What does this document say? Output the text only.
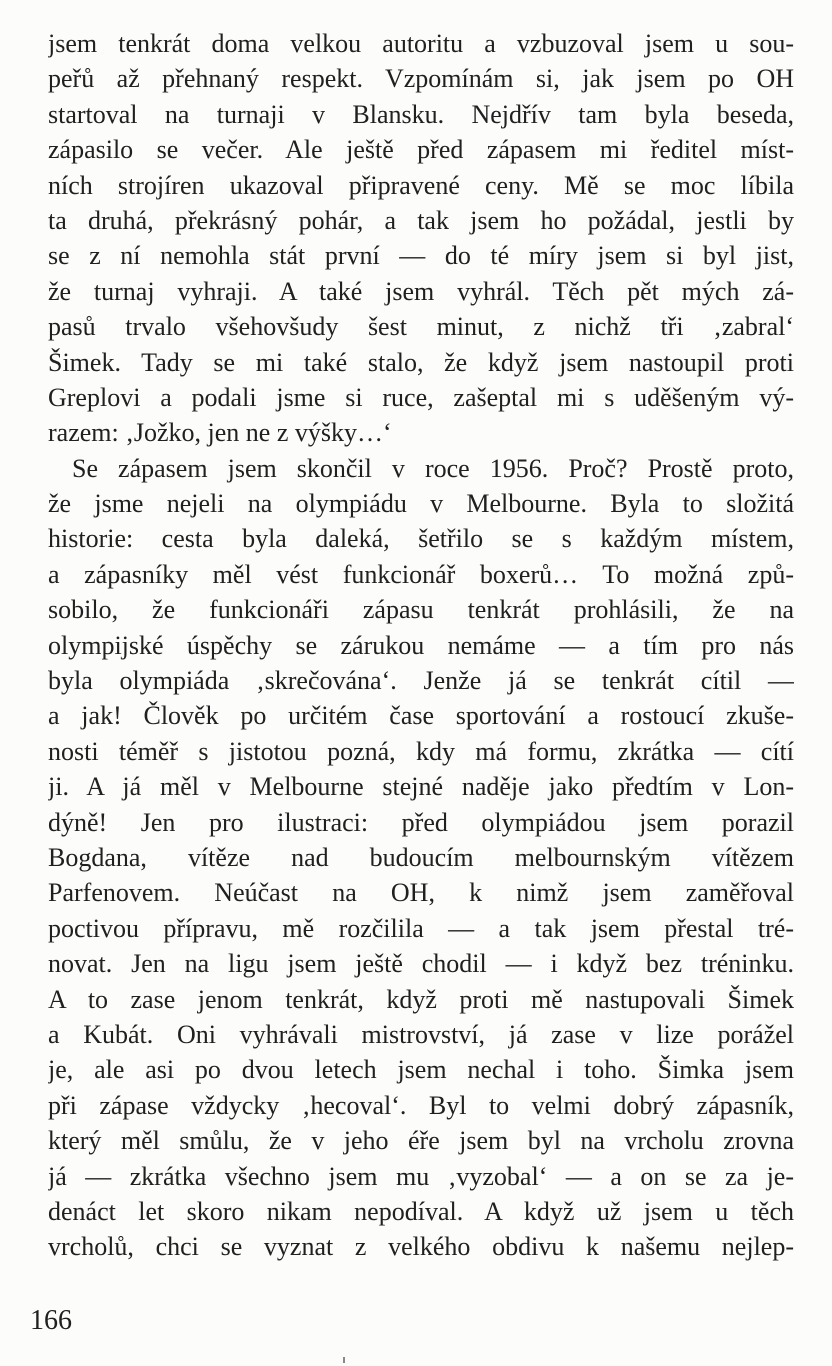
jsem tenkrát doma velkou autoritu a vzbuzoval jsem u sou-
peřů až přehnaný respekt. Vzpomínám si, jak jsem po OH
startoval na turnaji v Blansku. Nejdřív tam byla beseda,
zápasilo se večer. Ale ještě před zápasem mi ředitel míst-
ních strojíren ukazoval připravené ceny. Mě se moc líbila
ta druhá, překrásný pohár, a tak jsem ho požádal, jestli by
se z ní nemohla stát první — do té míry jsem si byl jist,
že turnaj vyhraji. A také jsem vyhrál. Těch pět mých zá-
pasů trvalo všehovšudy šest minut, z nichž tři ‚zabral‘
Šimek. Tady se mi také stalo, že když jsem nastoupil proti
Greplovi a podali jsme si ruce, zašeptal mi s uděšeným vý-
razem: ‚Jožko, jen ne z výšky…‘
Se zápasem jsem skončil v roce 1956. Proč? Prostě proto,
že jsme nejeli na olympiádu v Melbourne. Byla to složitá
historie: cesta byla daleká, šetřilo se s každým místem,
a zápasníky měl vést funkcionář boxerů… To možná způ-
sobilo, že funkcionáři zápasu tenkrát prohlásili, že na
olympijské úspěchy se zárukou nemáme — a tím pro nás
byla olympiáda ‚skrečována‘. Jenže já se tenkrát cítil —
a jak! Člověk po určitém čase sportování a rostoucí zkuše-
nosti téměř s jistotou pozná, kdy má formu, zkrátka — cítí
ji. A já měl v Melbourne stejné naděje jako předtím v Lon-
dýně! Jen pro ilustraci: před olympiádou jsem porazil
Bogdana, vítěze nad budoucím melbournským vítězem
Parfenovem. Neúčast na OH, k nimž jsem zaměřoval
poctivou přípravu, mě rozčilila — a tak jsem přestal tré-
novat. Jen na ligu jsem ještě chodil — i když bez tréninku.
A to zase jenom tenkrát, když proti mě nastupovali Šimek
a Kubát. Oni vyhrávali mistrovství, já zase v lize porážel
je, ale asi po dvou letech jsem nechal i toho. Šimka jsem
při zápase vždycky ‚hecoval‘. Byl to velmi dobrý zápasník,
který měl smůlu, že v jeho éře jsem byl na vrcholu zrovna
já — zkrátka všechno jsem mu ‚vyzobal‘ — a on se za je-
denáct let skoro nikam nepodíval. A když už jsem u těch
vrcholů, chci se vyznat z velkého obdivu k našemu nejlep-
166
